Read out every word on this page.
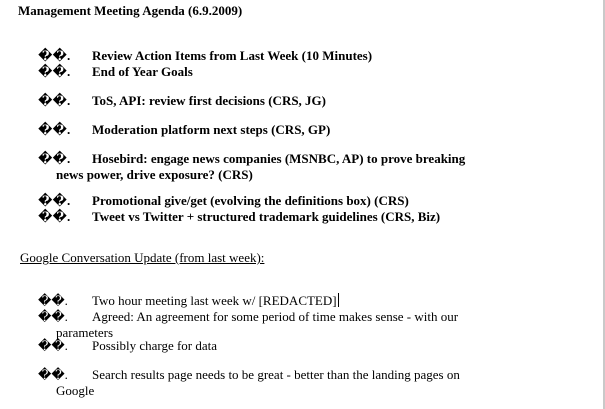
Management Meeting Agenda (6.9.2009)
��. Review Action Items from Last Week (10 Minutes)
��. End of Year Goals
��. ToS, API: review first decisions (CRS, JG)
��. Moderation platform next steps (CRS, GP)
��. Hosebird: engage news companies (MSNBC, AP) to prove breaking
news power, drive exposure? (CRS)
��. Promotional give/get (evolving the definitions box) (CRS)
��. Tweet vs Twitter + structured trademark guidelines (CRS, Biz)
Google Conversation Update (from last week):
��. Two hour meeting last week w/ [REDACTED]
��. Agreed: An agreement for some period of time makes sense - with our
parameters
��. Possibly charge for data
��. Search results page needs to be great - better than the landing pages on
Google
